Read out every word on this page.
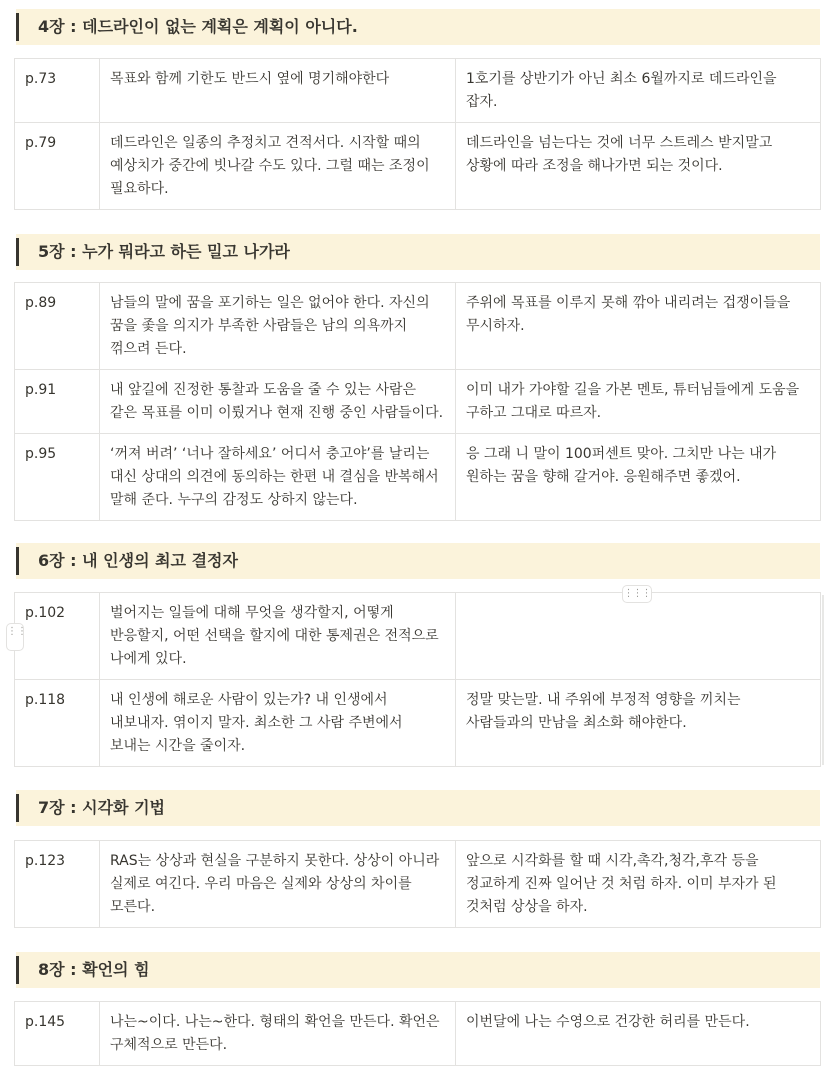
4장 : 데드라인이 없는 계획은 계획이 아니다.
p.73	목표와 함께 기한도 반드시 옆에 명기해야한다	1호기를 상반기가 아닌 최소 6월까지로 데드라인을 잡자.
p.79	데드라인은 일종의 추정치고 견적서다. 시작할 때의 예상치가 중간에 빗나갈 수도 있다. 그럴 때는 조정이 필요하다.	데드라인을 넘는다는 것에 너무 스트레스 받지말고 상황에 따라 조정을 해나가면 되는 것이다.
5장 : 누가 뭐라고 하든 밀고 나가라
p.89	남들의 말에 꿈을 포기하는 일은 없어야 한다. 자신의 꿈을 좇을 의지가 부족한 사람들은 남의 의욕까지 꺾으려 든다.	주위에 목표를 이루지 못해 깎아 내리려는 겁쟁이들을 무시하자.
p.91	내 앞길에 진정한 통찰과 도움을 줄 수 있는 사람은 같은 목표를 이미 이뤘거나 현재 진행 중인 사람들이다.	이미 내가 가야할 길을 가본 멘토, 튜터님들에게 도움을 구하고 그대로 따르자.
p.95	‘꺼져 버려’ ‘너나 잘하세요’ 어디서 충고야’를 날리는 대신 상대의 의견에 동의하는 한편 내 결심을 반복해서 말해 준다. 누구의 감정도 상하지 않는다.	응 그래 니 말이 100퍼센트 맞아. 그치만 나는 내가 원하는 꿈을 향해 갈거야. 응원해주면 좋겠어.
6장 : 내 인생의 최고 결정자
p.102	벌어지는 일들에 대해 무엇을 생각할지, 어떻게 반응할지, 어떤 선택을 할지에 대한 통제권은 전적으로 나에게 있다.	
p.118	내 인생에 해로운 사람이 있는가? 내 인생에서 내보내자. 엮이지 말자. 최소한 그 사람 주변에서 보내는 시간을 줄이자.	정말 맞는말. 내 주위에 부정적 영향을 끼치는 사람들과의 만남을 최소화 해야한다.
⋮⋮⋮
⋮⋮
7장 : 시각화 기법
p.123	RAS는 상상과 현실을 구분하지 못한다. 상상이 아니라 실제로 여긴다. 우리 마음은 실제와 상상의 차이를 모른다.	앞으로 시각화를 할 때 시각,촉각,청각,후각 등을 정교하게 진짜 일어난 것 처럼 하자. 이미 부자가 된 것처럼 상상을 하자.
8장 : 확언의 힘
p.145	나는~이다. 나는~한다. 형태의 확언을 만든다. 확언은 구체적으로 만든다.	이번달에 나는 수영으로 건강한 허리를 만든다.
